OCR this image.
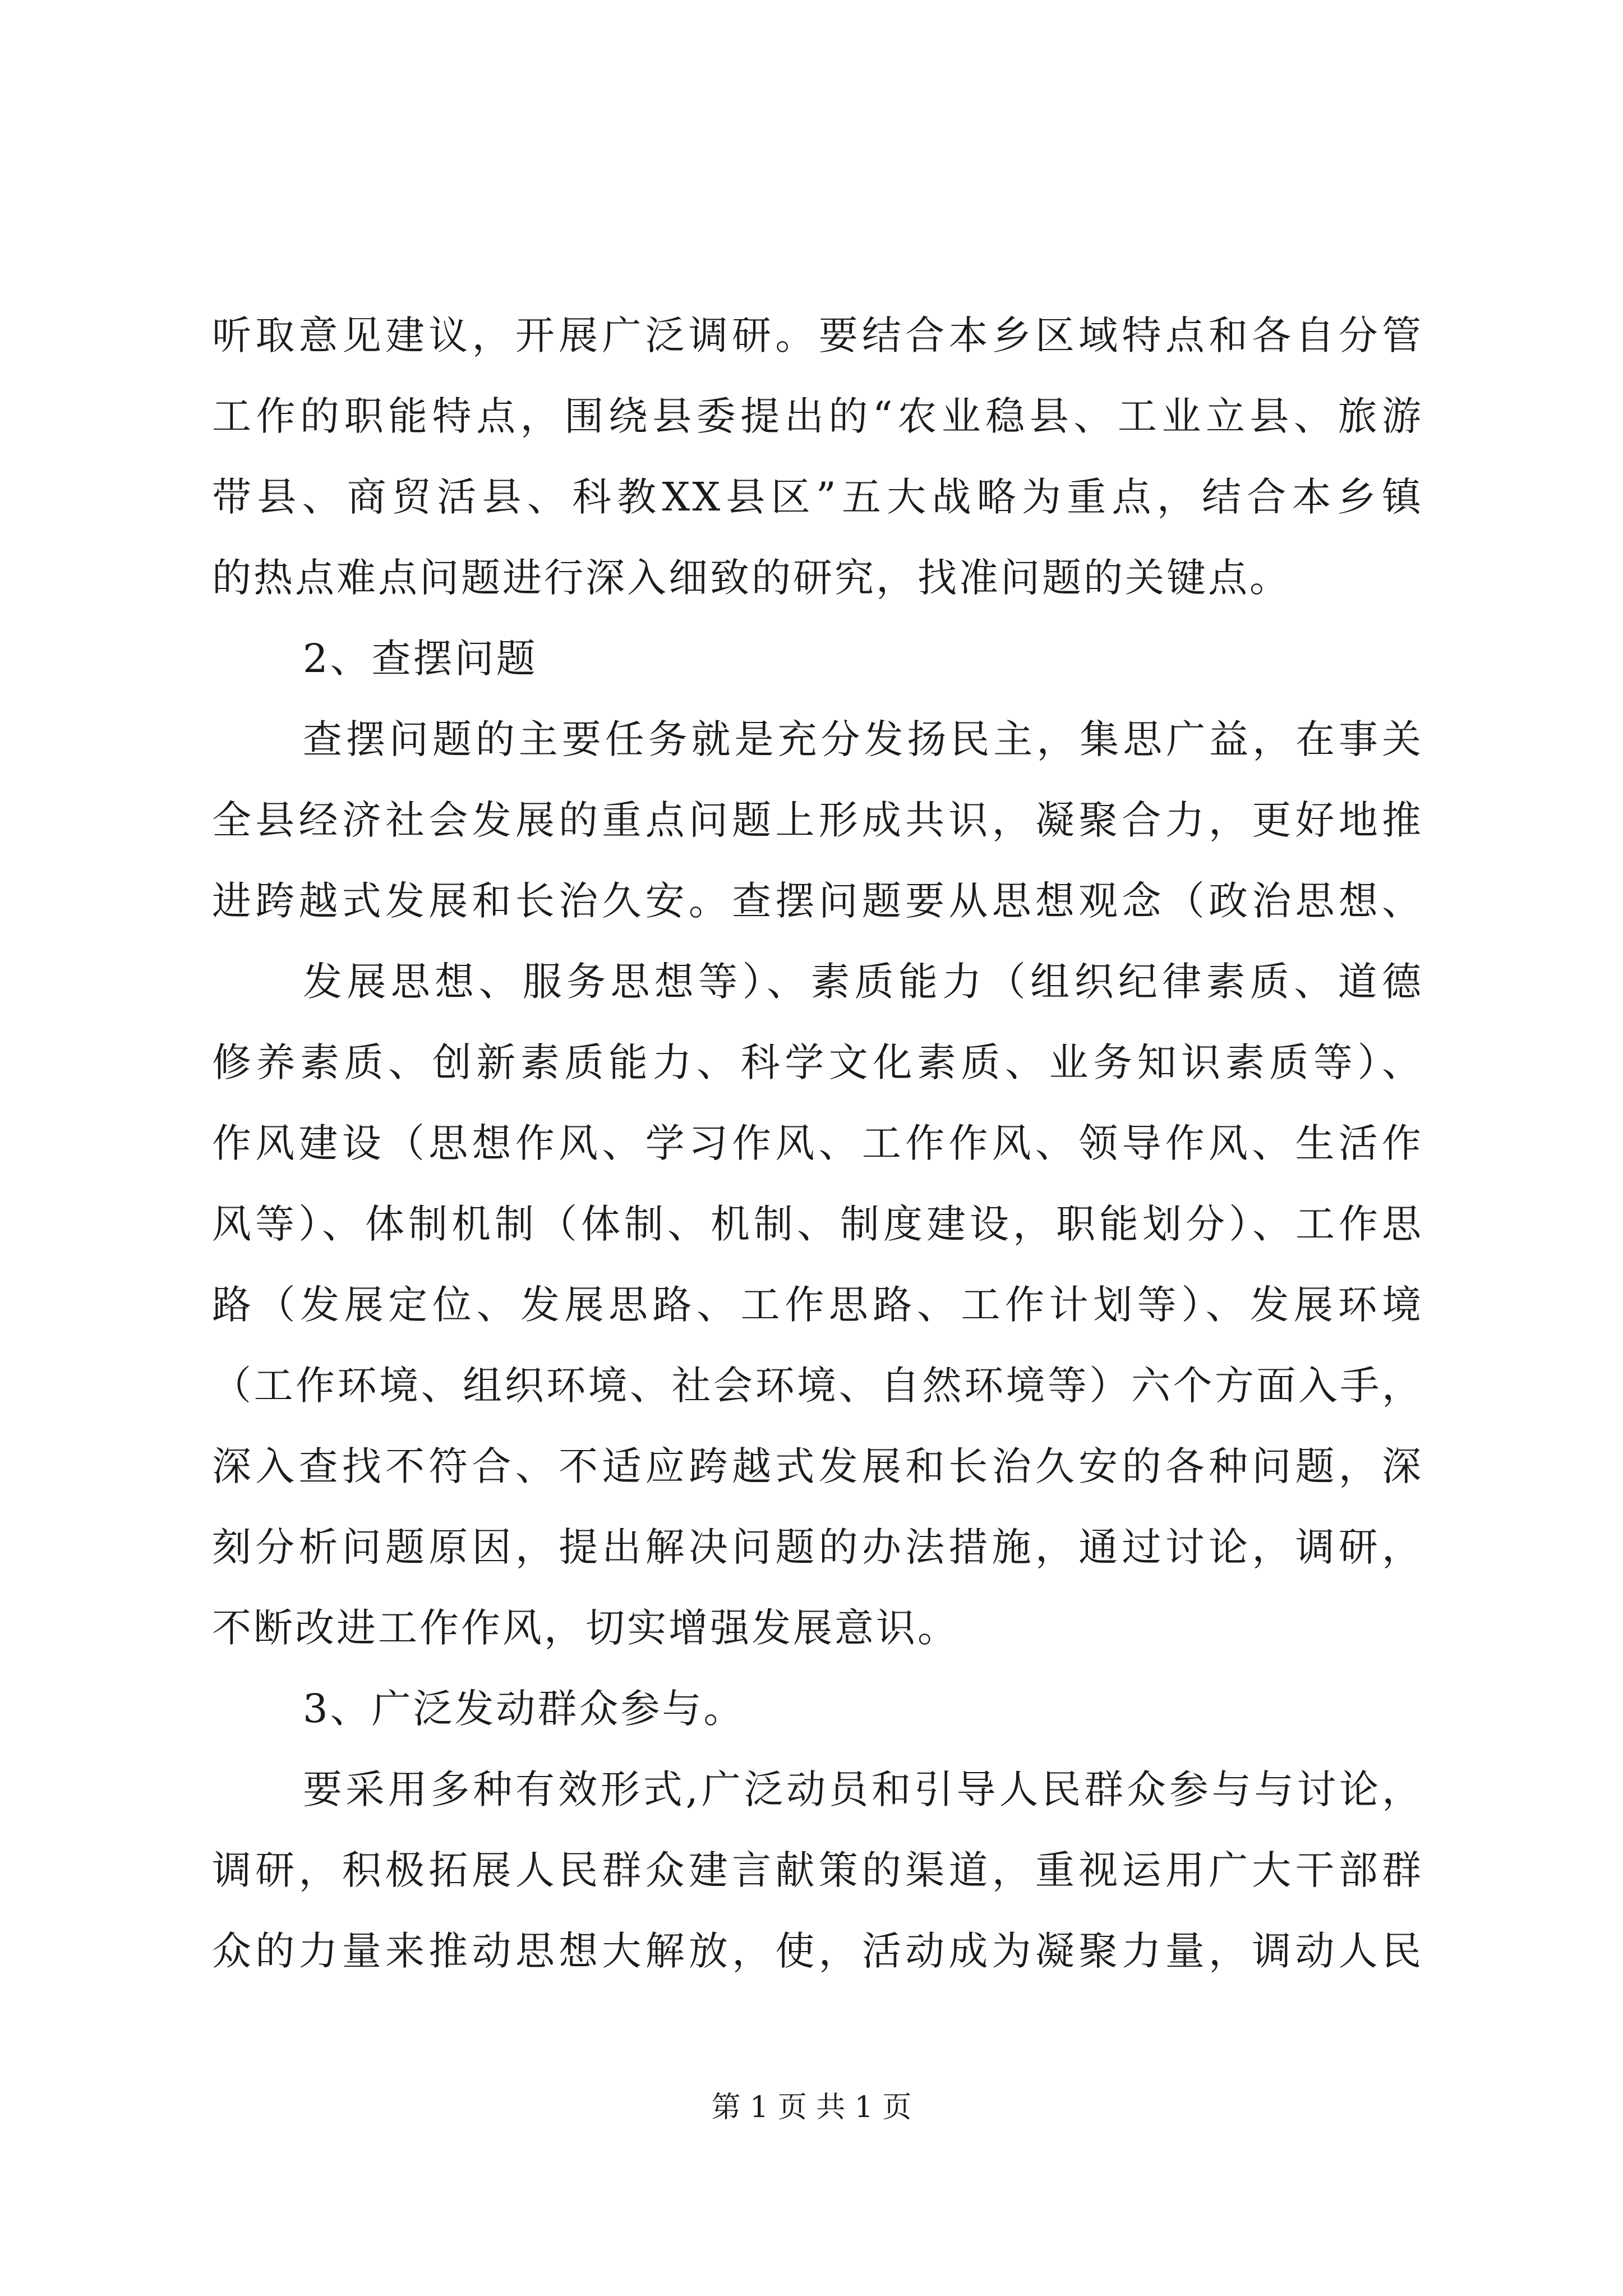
听取意见建议，开展广泛调研。要结合本乡区域特点和各自分管
工作的职能特点，围绕县委提出的“农业稳县、工业立县、旅游
带县、商贸活县、科教XX县区”五大战略为重点，结合本乡镇
的热点难点问题进行深入细致的研究，找准问题的关键点。
2、查摆问题
查摆问题的主要任务就是充分发扬民主，集思广益，在事关
全县经济社会发展的重点问题上形成共识，凝聚合力，更好地推
进跨越式发展和长治久安。查摆问题要从思想观念（政治思想、
发展思想、服务思想等）、素质能力（组织纪律素质、道德
修养素质、创新素质能力、科学文化素质、业务知识素质等）、
作风建设（思想作风、学习作风、工作作风、领导作风、生活作
风等）、体制机制（体制、机制、制度建设，职能划分）、工作思
路（发展定位、发展思路、工作思路、工作计划等）、发展环境
（工作环境、组织环境、社会环境、自然环境等）六个方面入手，
深入查找不符合、不适应跨越式发展和长治久安的各种问题，深
刻分析问题原因，提出解决问题的办法措施，通过讨论，调研，
不断改进工作作风，切实增强发展意识。
3、广泛发动群众参与。
要采用多种有效形式,广泛动员和引导人民群众参与与讨论，
调研，积极拓展人民群众建言献策的渠道，重视运用广大干部群
众的力量来推动思想大解放，使，活动成为凝聚力量，调动人民
第 1 页 共 1 页
